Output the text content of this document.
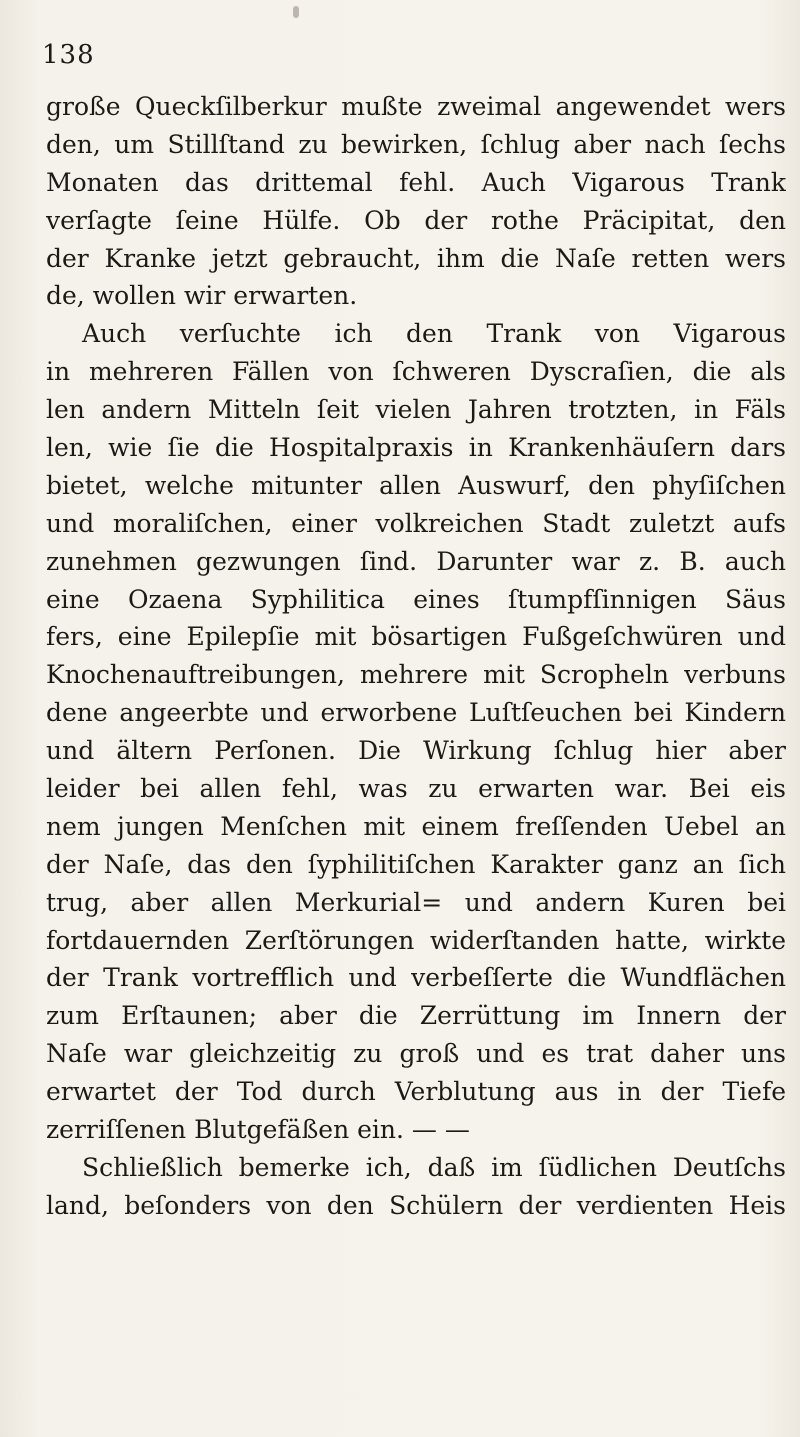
138
große Queckſilberkur mußte zweimal angewendet wers
den, um Stillſtand zu bewirken, ſchlug aber nach ſechs
Monaten das drittemal fehl. Auch Vigarous Trank
verſagte ſeine Hülfe. Ob der rothe Präcipitat, den
der Kranke jetzt gebraucht, ihm die Naſe retten wers
de, wollen wir erwarten.
Auch verſuchte ich den Trank von Vigarous
in mehreren Fällen von ſchweren Dyscraſien, die als
len andern Mitteln ſeit vielen Jahren trotzten, in Fäls
len, wie ſie die Hospitalpraxis in Krankenhäuſern dars
bietet, welche mitunter allen Auswurf, den phyſiſchen
und moraliſchen, einer volkreichen Stadt zuletzt aufs
zunehmen gezwungen ſind. Darunter war z. B. auch
eine Ozaena Syphilitica eines ſtumpfſinnigen Säus
fers, eine Epilepſie mit bösartigen Fußgeſchwüren und
Knochenauftreibungen, mehrere mit Scropheln verbuns
dene angeerbte und erworbene Luſtſeuchen bei Kindern
und ältern Perſonen. Die Wirkung ſchlug hier aber
leider bei allen fehl, was zu erwarten war. Bei eis
nem jungen Menſchen mit einem freſſenden Uebel an
der Naſe, das den ſyphilitiſchen Karakter ganz an ſich
trug, aber allen Merkurial= und andern Kuren bei
fortdauernden Zerſtörungen widerſtanden hatte, wirkte
der Trank vortrefflich und verbeſſerte die Wundflächen
zum Erſtaunen; aber die Zerrüttung im Innern der
Naſe war gleichzeitig zu groß und es trat daher uns
erwartet der Tod durch Verblutung aus in der Tiefe
zerriſſenen Blutgefäßen ein. — —
Schließlich bemerke ich, daß im ſüdlichen Deutſchs
land, beſonders von den Schülern der verdienten Heis
